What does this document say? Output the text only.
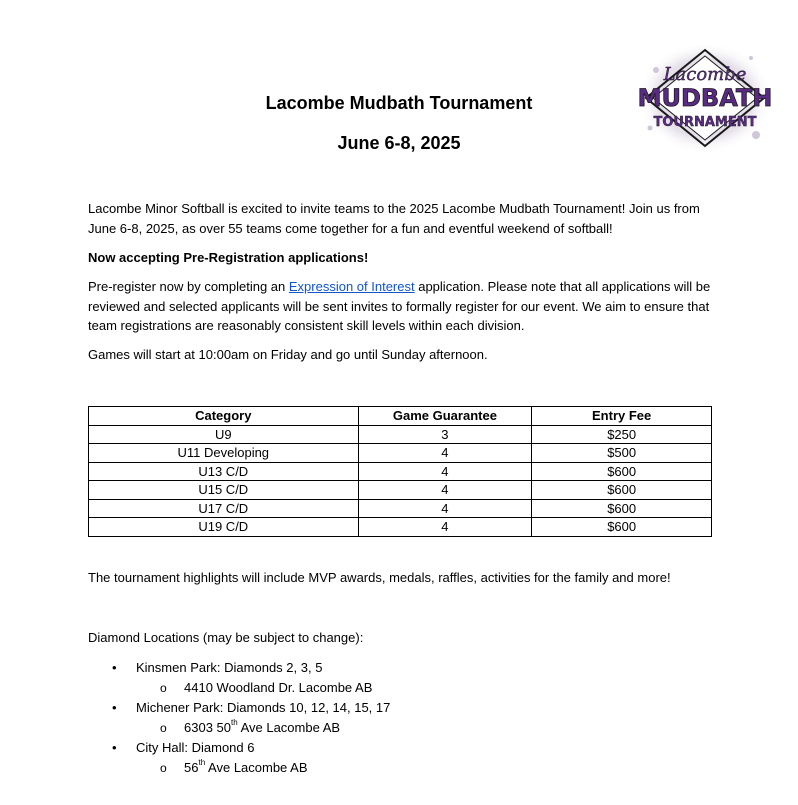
Lacombe Mudbath Tournament
June 6-8, 2025
Lacombe
MUDBATH
TOURNAMENT

Lacombe Minor Softball is excited to invite teams to the 2025 Lacombe Mudbath Tournament! Join us from June 6-8, 2025, as over 55 teams come together for a fun and eventful weekend of softball!

Now accepting Pre-Registration applications!

Pre-register now by completing an Expression of Interest application. Please note that all applications will be reviewed and selected applicants will be sent invites to formally register for our event. We aim to ensure that team registrations are reasonably consistent skill levels within each division.

Games will start at 10:00am on Friday and go until Sunday afternoon.

Category	Game Guarantee	Entry Fee
U9	3	$250
U11 Developing	4	$500
U13 C/D	4	$600
U15 C/D	4	$600
U17 C/D	4	$600
U19 C/D	4	$600

The tournament highlights will include MVP awards, medals, raffles, activities for the family and more!

Diamond Locations (may be subject to change):

• Kinsmen Park: Diamonds 2, 3, 5
o 4410 Woodland Dr. Lacombe AB
• Michener Park: Diamonds 10, 12, 14, 15, 17
o 6303 50th Ave Lacombe AB
• City Hall: Diamond 6
o 56th Ave Lacombe AB
